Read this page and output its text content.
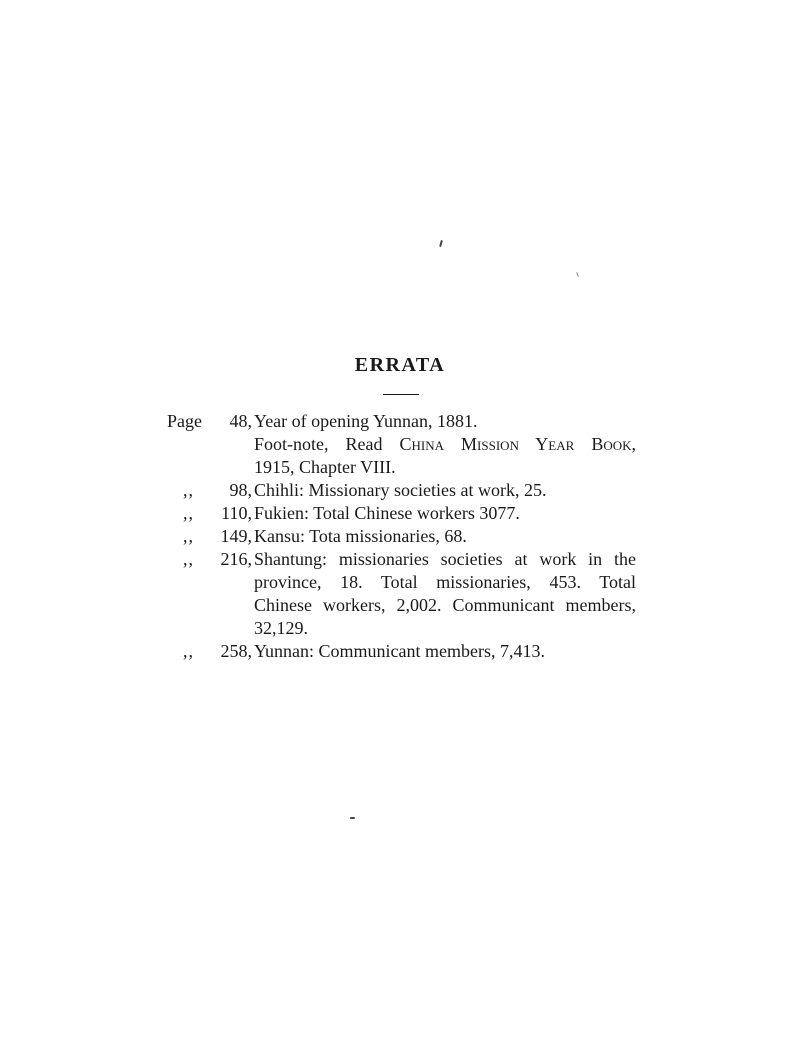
ERRATA
Page 48, Year of opening Yunnan, 1881.
Foot-note, Read China Mission Year Book,
1915, Chapter VIII.
,, 98, Chihli: Missionary societies at work, 25.
,, 110, Fukien: Total Chinese workers 3077.
,, 149, Kansu: Tota missionaries, 68.
,, 216, Shantung: missionaries societies at work in the
province, 18. Total missionaries, 453. Total
Chinese workers, 2,002. Communicant members,
32,129.
,, 258, Yunnan: Communicant members, 7,413.
